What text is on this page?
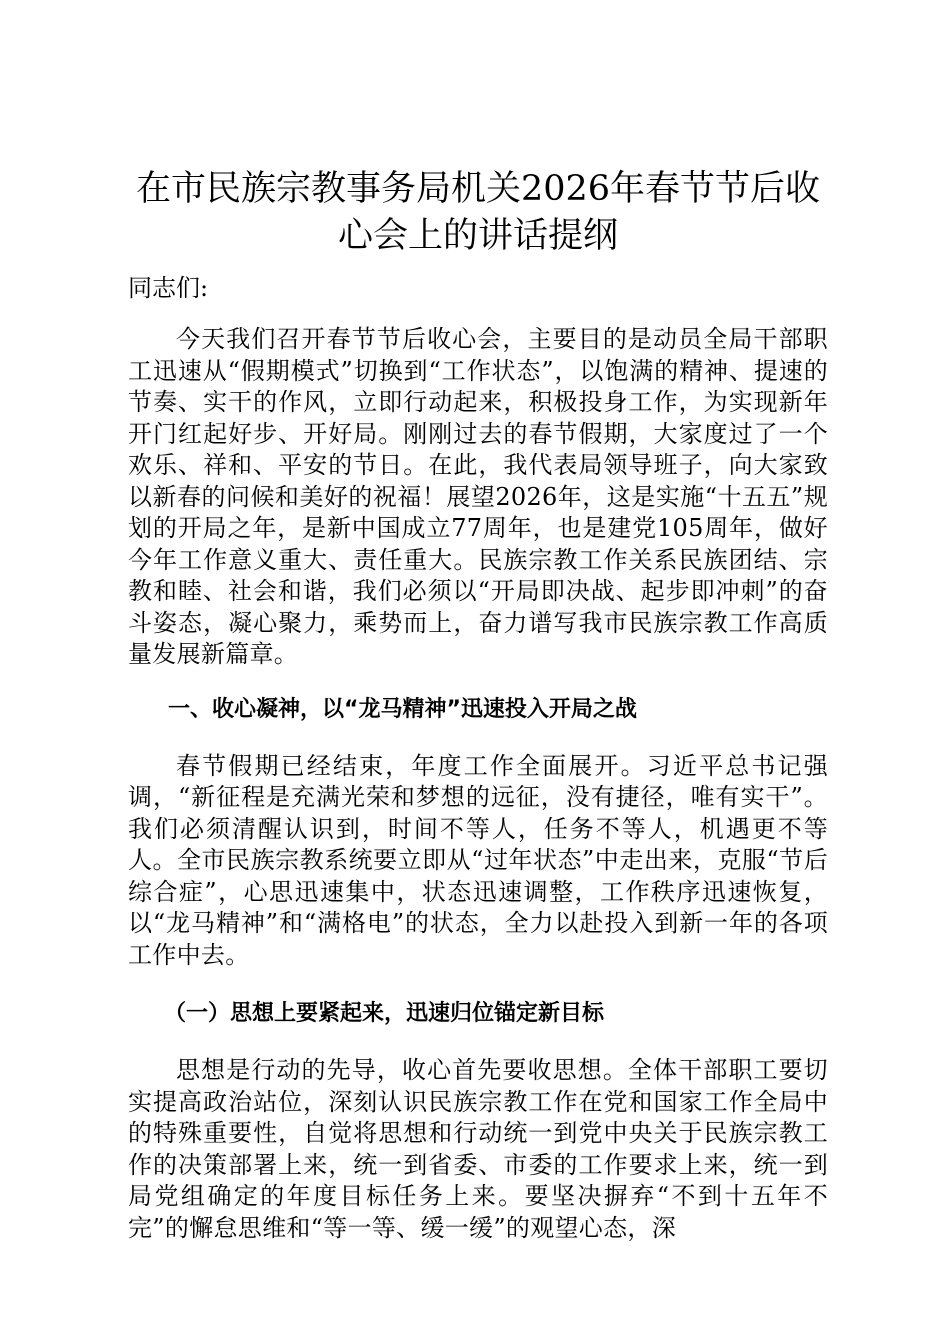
在市民族宗教事务局机关2026年春节节后收
心会上的讲话提纲

同志们:

今天我们召开春节节后收心会，主要目的是动员全局干部职工迅速从“假期模式”切换到“工作状态”，以饱满的精神、提速的节奏、实干的作风，立即行动起来，积极投身工作，为实现新年开门红起好步、开好局。刚刚过去的春节假期，大家度过了一个欢乐、祥和、平安的节日。在此，我代表局领导班子，向大家致以新春的问候和美好的祝福！展望2026年，这是实施“十五五”规划的开局之年，是新中国成立77周年，也是建党105周年，做好今年工作意义重大、责任重大。民族宗教工作关系民族团结、宗教和睦、社会和谐，我们必须以“开局即决战、起步即冲刺”的奋斗姿态，凝心聚力，乘势而上，奋力谱写我市民族宗教工作高质量发展新篇章。

一、收心凝神，以“龙马精神”迅速投入开局之战

春节假期已经结束，年度工作全面展开。习近平总书记强调，“新征程是充满光荣和梦想的远征，没有捷径，唯有实干”。我们必须清醒认识到，时间不等人，任务不等人，机遇更不等人。全市民族宗教系统要立即从“过年状态”中走出来，克服“节后综合症”，心思迅速集中，状态迅速调整，工作秩序迅速恢复，以“龙马精神”和“满格电”的状态，全力以赴投入到新一年的各项工作中去。

（一）思想上要紧起来，迅速归位锚定新目标

思想是行动的先导，收心首先要收思想。全体干部职工要切实提高政治站位，深刻认识民族宗教工作在党和国家工作全局中的特殊重要性，自觉将思想和行动统一到党中央关于民族宗教工作的决策部署上来，统一到省委、市委的工作要求上来，统一到局党组确定的年度目标任务上来。要坚决摒弃“不到十五年不完”的懈怠思维和“等一等、缓一缓”的观望心态，深
